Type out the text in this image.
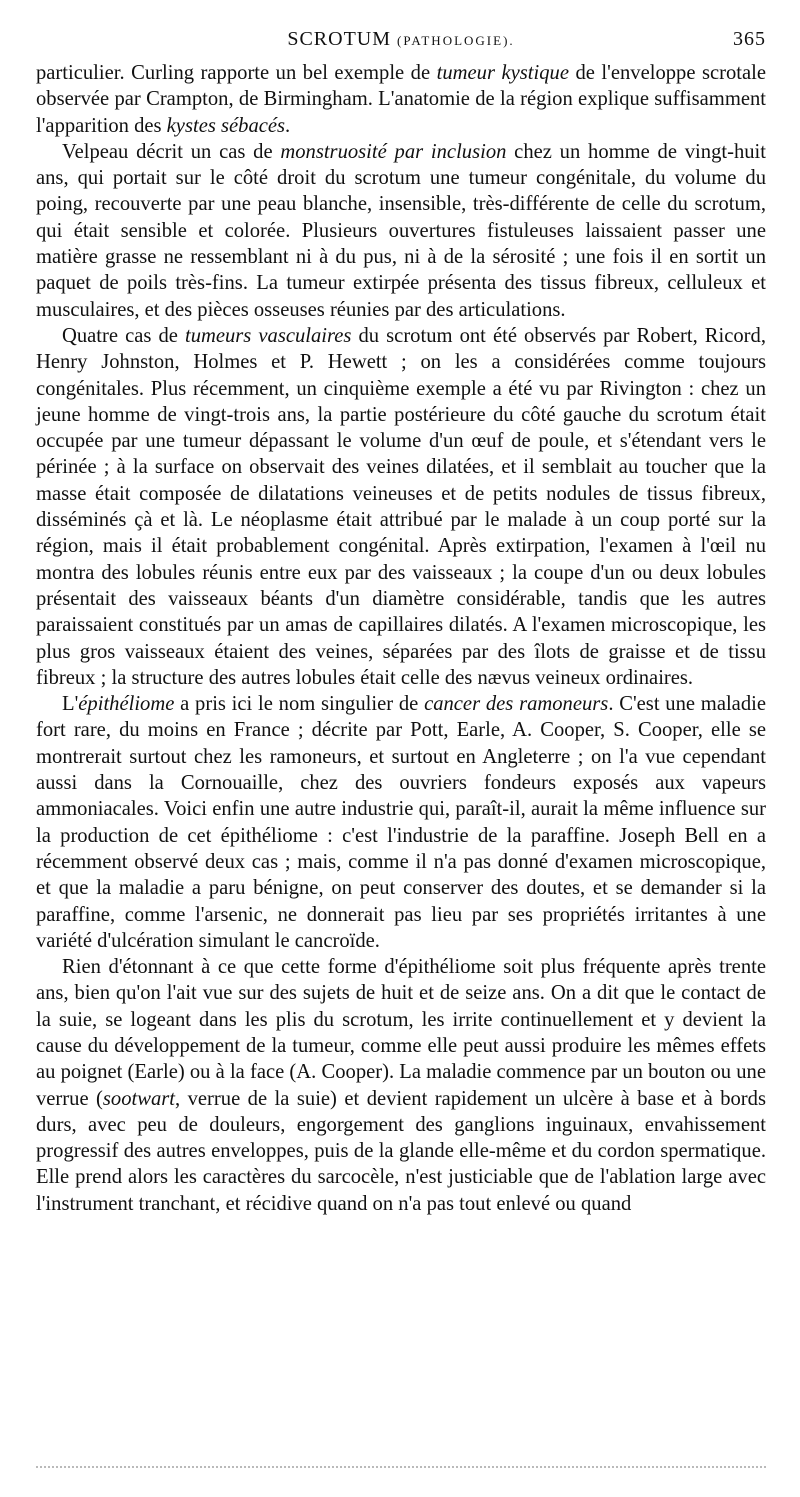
SCROTUM (PATHOLOGIE).	365

particulier. Curling rapporte un bel exemple de tumeur kystique de l'enveloppe scrotale observée par Crampton, de Birmingham. L'anatomie de la région explique suffisamment l'apparition des kystes sébacés.

Velpeau décrit un cas de monstruosité par inclusion chez un homme de vingt-huit ans, qui portait sur le côté droit du scrotum une tumeur congénitale, du volume du poing, recouverte par une peau blanche, insensible, très-différente de celle du scrotum, qui était sensible et colorée. Plusieurs ouvertures fistuleuses laissaient passer une matière grasse ne ressemblant ni à du pus, ni à de la sérosité ; une fois il en sortit un paquet de poils très-fins. La tumeur extirpée présenta des tissus fibreux, celluleux et musculaires, et des pièces osseuses réunies par des articulations.

Quatre cas de tumeurs vasculaires du scrotum ont été observés par Robert, Ricord, Henry Johnston, Holmes et P. Hewett ; on les a considérées comme toujours congénitales. Plus récemment, un cinquième exemple a été vu par Rivington : chez un jeune homme de vingt-trois ans, la partie postérieure du côté gauche du scrotum était occupée par une tumeur dépassant le volume d'un œuf de poule, et s'étendant vers le périnée ; à la surface on observait des veines dilatées, et il semblait au toucher que la masse était composée de dilatations veineuses et de petits nodules de tissus fibreux, disséminés çà et là. Le néoplasme était attribué par le malade à un coup porté sur la région, mais il était probablement congénital. Après extirpation, l'examen à l'œil nu montra des lobules réunis entre eux par des vaisseaux ; la coupe d'un ou deux lobules présentait des vaisseaux béants d'un diamètre considérable, tandis que les autres paraissaient constitués par un amas de capillaires dilatés. A l'examen microscopique, les plus gros vaisseaux étaient des veines, séparées par des îlots de graisse et de tissu fibreux ; la structure des autres lobules était celle des nævus veineux ordinaires.

L'épithéliome a pris ici le nom singulier de cancer des ramoneurs. C'est une maladie fort rare, du moins en France ; décrite par Pott, Earle, A. Cooper, S. Cooper, elle se montrerait surtout chez les ramoneurs, et surtout en Angleterre ; on l'a vue cependant aussi dans la Cornouaille, chez des ouvriers fondeurs exposés aux vapeurs ammoniacales. Voici enfin une autre industrie qui, paraît-il, aurait la même influence sur la production de cet épithéliome : c'est l'industrie de la paraffine. Joseph Bell en a récemment observé deux cas ; mais, comme il n'a pas donné d'examen microscopique, et que la maladie a paru bénigne, on peut conserver des doutes, et se demander si la paraffine, comme l'arsenic, ne donnerait pas lieu par ses propriétés irritantes à une variété d'ulcération simulant le cancroïde.

Rien d'étonnant à ce que cette forme d'épithéliome soit plus fréquente après trente ans, bien qu'on l'ait vue sur des sujets de huit et de seize ans. On a dit que le contact de la suie, se logeant dans les plis du scrotum, les irrite continuellement et y devient la cause du développement de la tumeur, comme elle peut aussi produire les mêmes effets au poignet (Earle) ou à la face (A. Cooper). La maladie commence par un bouton ou une verrue (sootwart, verrue de la suie) et devient rapidement un ulcère à base et à bords durs, avec peu de douleurs, engorgement des ganglions inguinaux, envahissement progressif des autres enveloppes, puis de la glande elle-même et du cordon spermatique. Elle prend alors les caractères du sarcocèle, n'est justiciable que de l'ablation large avec l'instrument tranchant, et récidive quand on n'a pas tout enlevé ou quand
